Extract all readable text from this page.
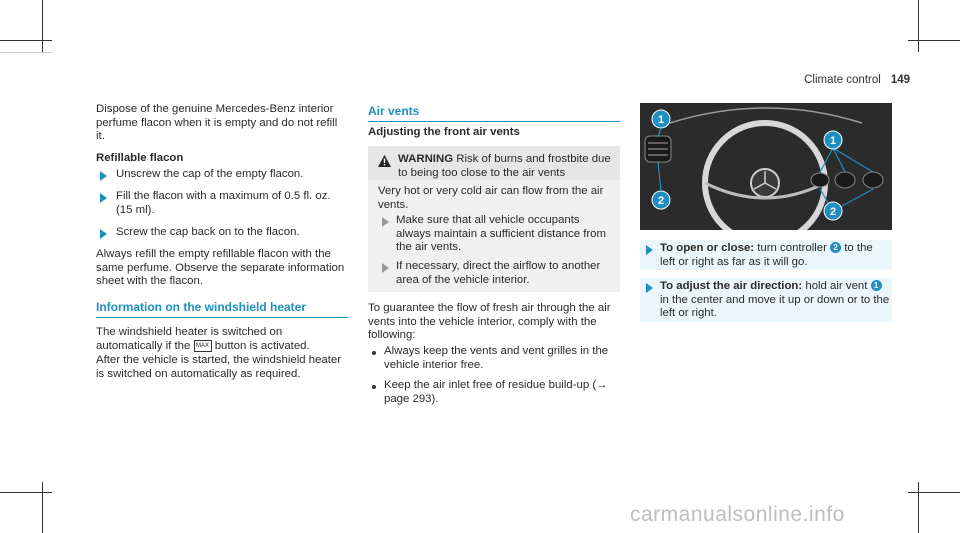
Climate control 149
Dispose of the genuine Mercedes-Benz interior perfume flacon when it is empty and do not refill it.
Refillable flacon
Unscrew the cap of the empty flacon.
Fill the flacon with a maximum of 0.5 fl. oz. (15 ml).
Screw the cap back on to the flacon.
Always refill the empty refillable flacon with the same perfume. Observe the separate information sheet with the flacon.
Information on the windshield heater
The windshield heater is switched on automatically if the MAX button is activated.
After the vehicle is started, the windshield heater is switched on automatically as required.
Air vents
Adjusting the front air vents
WARNING Risk of burns and frostbite due to being too close to the air vents
Very hot or very cold air can flow from the air vents.
Make sure that all vehicle occupants always maintain a sufficient distance from the air vents.
If necessary, direct the airflow to another area of the vehicle interior.
To guarantee the flow of fresh air through the air vents into the vehicle interior, comply with the following:
Always keep the vents and vent grilles in the vehicle interior free.
Keep the air inlet free of residue build-up (→ page 293).
1
2
1
2
To open or close: turn controller 2 to the left or right as far as it will go.
To adjust the air direction: hold air vent 1 in the center and move it up or down or to the left or right.
carmanualsonline.info
